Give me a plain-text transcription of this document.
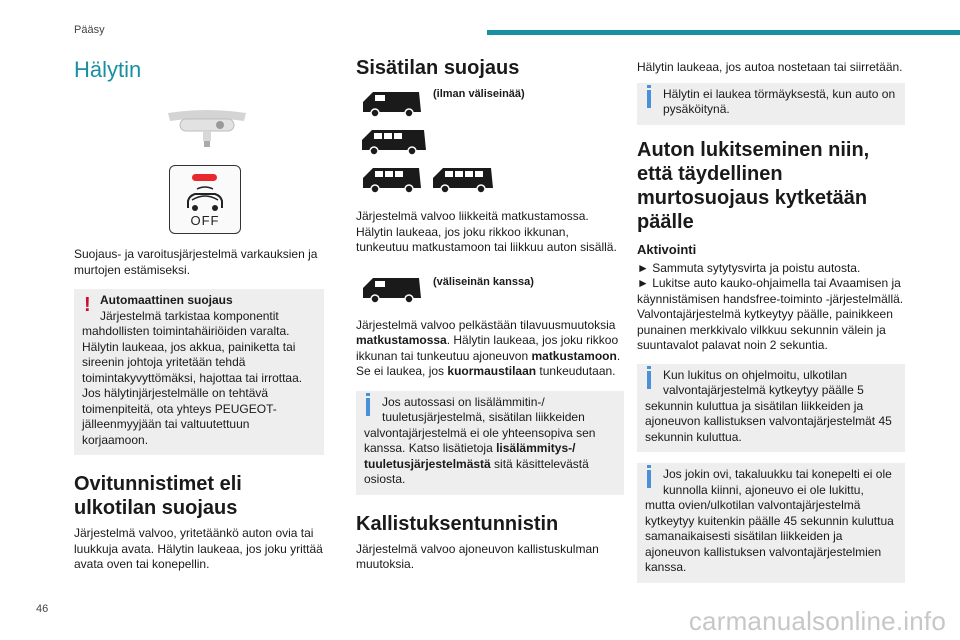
Pääsy
Hälytin
OFF
Suojaus- ja varoitusjärjestelmä varkauksien ja murtojen estämiseksi.
! Automaattinen suojaus
Järjestelmä tarkistaa komponentit
mahdollisten toimintahäiriöiden varalta. Hälytin laukeaa, jos akkua, painiketta tai sireenin johtoja yritetään tehdä toimintakyvyttömäksi, hajottaa tai irrottaa. Jos hälytinjärjestelmälle on tehtävä toimenpiteitä, ota yhteys PEUGEOT-jälleenmyyjään tai valtuutettuun korjaamoon.
Ovitunnistimet eli ulkotilan suojaus
Järjestelmä valvoo, yritetäänkö auton ovia tai luukkuja avata. Hälytin laukeaa, jos joku yrittää avata oven tai konepellin.
Sisätilan suojaus
(ilman väliseinää)
Järjestelmä valvoo liikkeitä matkustamossa. Hälytin laukeaa, jos joku rikkoo ikkunan, tunkeutuu matkustamoon tai liikkuu auton sisällä.
(väliseinän kanssa)
Järjestelmä valvoo pelkästään tilavuusmuutoksia matkustamossa. Hälytin laukeaa, jos joku rikkoo ikkunan tai tunkeutuu ajoneuvon matkustamoon. Se ei laukea, jos kuormaustilaan tunkeudutaan.
Jos autossasi on lisälämmitin-/
tuuletusjärjestelmä, sisätilan liikkeiden
valvontajärjestelmä ei ole yhteensopiva sen kanssa. Katso lisätietoja lisälämmitys-/ tuuletusjärjestelmästä sitä käsittelevästä osiosta.
Kallistuksentunnistin
Järjestelmä valvoo ajoneuvon kallistuskulman muutoksia.
Hälytin laukeaa, jos autoa nostetaan tai siirretään.
Hälytin ei laukea törmäyksestä, kun auto on pysäköitynä.
Auton lukitseminen niin, että täydellinen murtosuojaus kytketään päälle
Aktivointi
► Sammuta sytytysvirta ja poistu autosta.
► Lukitse auto kauko-ohjaimella tai Avaamisen ja käynnistämisen handsfree-toiminto -järjestelmällä.
Valvontajärjestelmä kytkeytyy päälle, painikkeen punainen merkkivalo vilkkuu sekunnin välein ja suuntavalot palavat noin 2 sekuntia.
Kun lukitus on ohjelmoitu, ulkotilan valvontajärjestelmä kytkeytyy päälle 5
sekunnin kuluttua ja sisätilan liikkeiden ja ajoneuvon kallistuksen valvontajärjestelmät 45 sekunnin kuluttua.
Jos jokin ovi, takaluukku tai konepelti ei ole kunnolla kiinni, ajoneuvo ei ole lukittu,
mutta ovien/ulkotilan valvontajärjestelmä kytkeytyy kuitenkin päälle 45 sekunnin kuluttua samanaikaisesti sisätilan liikkeiden ja ajoneuvon kallistuksen valvontajärjestelmien kanssa.
46	carmanualsonline.info
